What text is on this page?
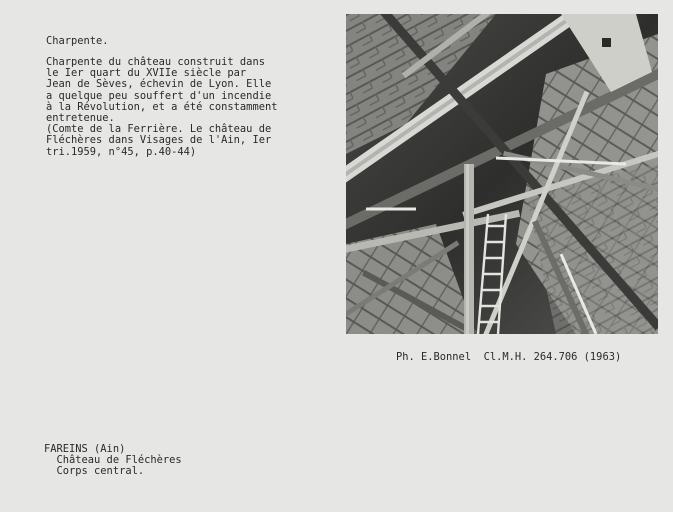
Charpente.
Charpente du château construit dans
le Ier quart du XVIIe siècle par
Jean de Sèves, échevin de Lyon. Elle
a quelque peu souffert d'un incendie
à la Révolution, et a été constamment
entretenue.
(Comte de la Ferrière. Le château de
Fléchères dans Visages de l'Ain, Ier
tri.1959, n°45, p.40-44)
Ph. E.Bonnel  Cl.M.H. 264.706 (1963)
FAREINS (Ain)
Château de Fléchères
Corps central.
